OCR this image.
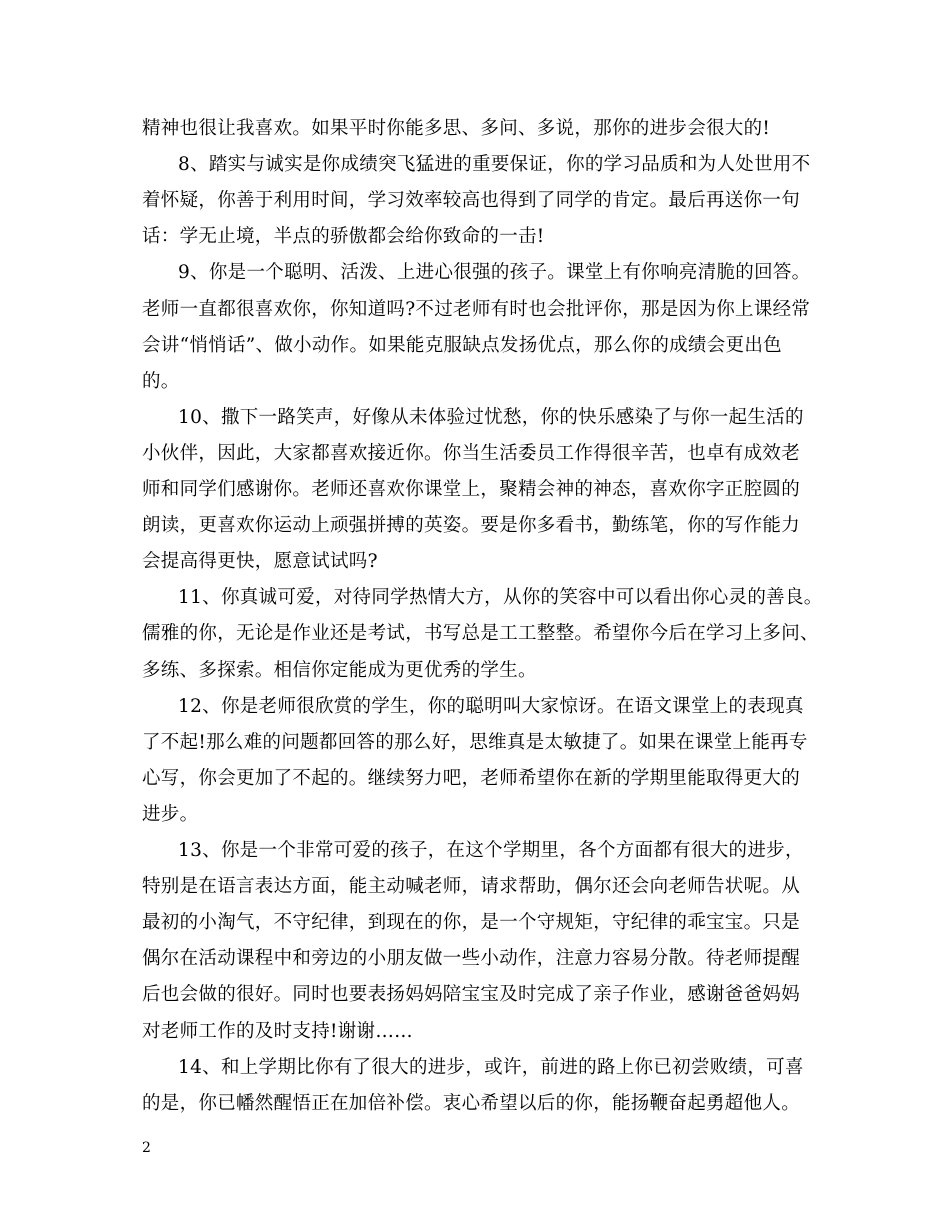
精神也很让我喜欢。如果平时你能多思、多问、多说，那你的进步会很大的!
8、踏实与诚实是你成绩突飞猛进的重要保证，你的学习品质和为人处世用不
着怀疑，你善于利用时间，学习效率较高也得到了同学的肯定。最后再送你一句
话：学无止境，半点的骄傲都会给你致命的一击!
9、你是一个聪明、活泼、上进心很强的孩子。课堂上有你响亮清脆的回答。
老师一直都很喜欢你，你知道吗?不过老师有时也会批评你，那是因为你上课经常
会讲“悄悄话”、做小动作。如果能克服缺点发扬优点，那么你的成绩会更出色
的。
10、撒下一路笑声，好像从未体验过忧愁，你的快乐感染了与你一起生活的
小伙伴，因此，大家都喜欢接近你。你当生活委员工作得很辛苦，也卓有成效老
师和同学们感谢你。老师还喜欢你课堂上，聚精会神的神态，喜欢你字正腔圆的
朗读，更喜欢你运动上顽强拼搏的英姿。要是你多看书，勤练笔，你的写作能力
会提高得更快，愿意试试吗?
11、你真诚可爱，对待同学热情大方，从你的笑容中可以看出你心灵的善良。
儒雅的你，无论是作业还是考试，书写总是工工整整。希望你今后在学习上多问、
多练、多探索。相信你定能成为更优秀的学生。
12、你是老师很欣赏的学生，你的聪明叫大家惊讶。在语文课堂上的表现真
了不起!那么难的问题都回答的那么好，思维真是太敏捷了。如果在课堂上能再专
心写，你会更加了不起的。继续努力吧，老师希望你在新的学期里能取得更大的
进步。
13、你是一个非常可爱的孩子，在这个学期里，各个方面都有很大的进步，
特别是在语言表达方面，能主动喊老师，请求帮助，偶尔还会向老师告状呢。从
最初的小淘气，不守纪律，到现在的你，是一个守规矩，守纪律的乖宝宝。只是
偶尔在活动课程中和旁边的小朋友做一些小动作，注意力容易分散。待老师提醒
后也会做的很好。同时也要表扬妈妈陪宝宝及时完成了亲子作业，感谢爸爸妈妈
对老师工作的及时支持!谢谢……
14、和上学期比你有了很大的进步，或许，前进的路上你已初尝败绩，可喜
的是，你已幡然醒悟正在加倍补偿。衷心希望以后的你，能扬鞭奋起勇超他人。
2
